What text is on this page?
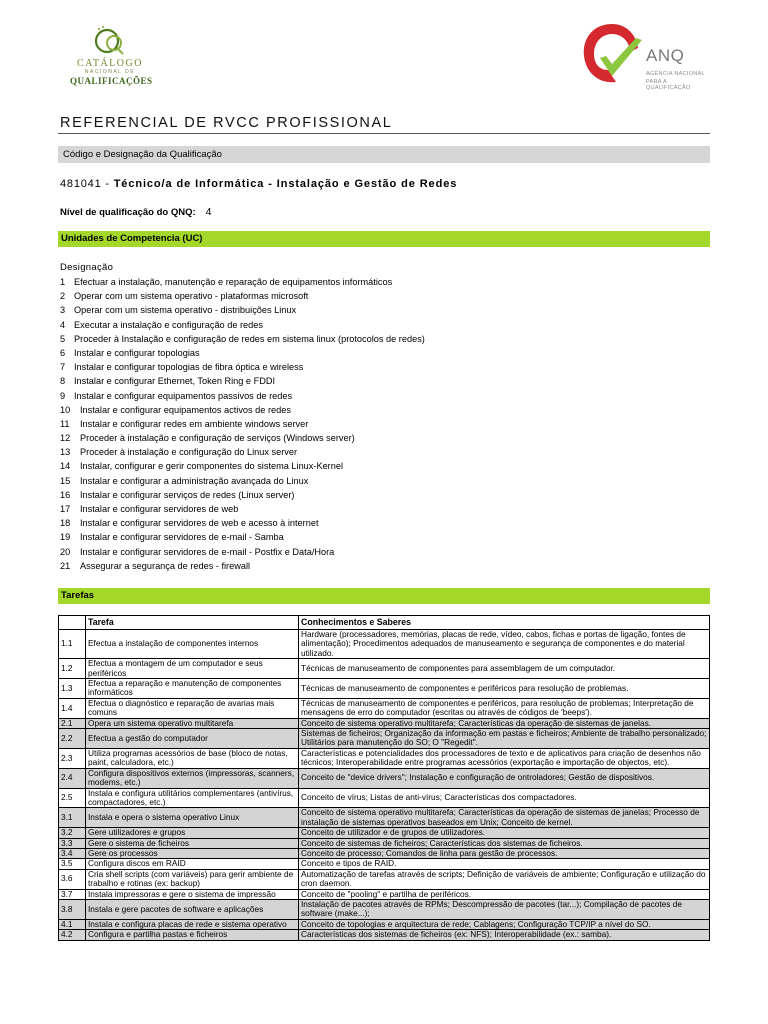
CATÁLOGO
NACIONAL DE
QUALIFICAÇÕES
ANQ
AGÊNCIA NACIONAL
PARA A QUALIFICAÇÃO
REFERENCIAL DE RVCC PROFISSIONAL
Código e Designação da Qualificação
481041 - Técnico/a de Informática - Instalação e Gestão de Redes
Nível de qualificação do QNQ: 4
Unidades de Competencia (UC)
Designação
1 Efectuar a instalação, manutenção e reparação de equipamentos informáticos
2 Operar com um sistema operativo - plataformas microsoft
3 Operar com um sistema operativo - distribuições Linux
4 Executar a instalação e configuração de redes
5 Proceder à Instalação e configuração de redes em sistema linux (protocolos de redes)
6 Instalar e configurar topologias
7 Instalar e configurar topologias de fibra óptica e wireless
8 Instalar e configurar Ethernet, Token Ring e FDDI
9 Instalar e configurar equipamentos passivos de redes
10 Instalar e configurar equipamentos activos de redes
11 Instalar e configurar redes em ambiente windows server
12 Proceder à instalação e configuração de serviços (Windows server)
13 Proceder à instalação e configuração do Linux server
14 Instalar, configurar e gerir componentes do sistema Linux-Kernel
15 Instalar e configurar a administração avançada do Linux
16 Instalar e configurar serviços de redes (Linux server)
17 Instalar e configurar servidores de web
18 Instalar e configurar servidores de web e acesso à internet
19 Instalar e configurar servidores de e-mail - Samba
20 Instalar e configurar servidores de e-mail - Postfix e Data/Hora
21 Assegurar a segurança de redes - firewall
Tarefas
	Tarefa	Conhecimentos e Saberes
1.1	Efectua a instalação de componentes internos	Hardware (processadores, memórias, placas de rede, vídeo, cabos, fichas e portas de ligação, fontes de alimentação); Procedimentos adequados de manuseamento e segurança de componentes e do material utilizado.
1.2	Efectua a montagem de um computador e seus periféricos	Técnicas de manuseamento de componentes para assemblagem de um computador.
1.3	Efectua a reparação e manutenção de componentes informáticos	Técnicas de manuseamento de componentes e periféricos para resolução de problemas.
1.4	Efectua o diagnóstico e reparação de avarias mais comuns	Técnicas de manuseamento de componentes e periféricos, para resolução de problemas; Interpretação de mensagens de erro do computador (escritas ou através de códigos de 'beeps').
2.1	Opera um sistema operativo multitarefa	Conceito de sistema operativo multitarefa; Características da operação de sistemas de janelas.
2.2	Efectua a gestão do computador	Sistemas de ficheiros; Organização da informação em pastas e ficheiros; Ambiente de trabalho personalizado; Utilitários para manutenção do SO; O "Regedit".
2.3	Utiliza programas acessórios de base (bloco de notas, paint, calculadora, etc.)	Características e potencialidades dos processadores de texto e de aplicativos para criação de desenhos não técnicos; Interoperabilidade entre programas acessórios (exportação e importação de objectos, etc).
2.4	Configura dispositivos externos (impressoras, scanners, modems, etc.)	Conceito de "device drivers"; Instalação e configuração de ontroladores; Gestão de dispositivos.
2.5	Instala e configura utilitários complementares (antivírus, compactadores, etc.)	Conceito de vírus; Listas de anti-vírus; Características dos compactadores.
3.1	Instala e opera o sistema operativo Linux	Conceito de sistema operativo multitarefa; Características da operação de sistemas de janelas; Processo de instalação de sistemas operativos baseados em Unix; Conceito de kernel.
3.2	Gere utilizadores e grupos	Conceito de utilizador e de grupos de utilizadores.
3.3	Gere o sistema de ficheiros	Conceito de sistemas de ficheiros; Características dos sistemas de ficheiros.
3.4	Gere os processos	Conceito de processo; Comandos de linha para gestão de processos.
3.5	Configura discos em RAID	Conceito e tipos de RAID.
3.6	Cria shell scripts (com variáveis) para gerir ambiente de trabalho e rotinas (ex: backup)	Automatização de tarefas através de scripts; Definição de variáveis de ambiente; Configuração e utilização do cron daemon.
3.7	Instala impressoras e gere o sistema de impressão	Conceito de "pooling" e partilha de periféricos.
3.8	Instala e gere pacotes de software e aplicações	Instalação de pacotes através de RPMs; Descompressão de pacotes (tar...); Compilação de pacotes de software (make...);
4.1	Instala e configura placas de rede e sistema operativo	Conceito de topologias e arquitectura de rede; Cablagens; Configuração TCP/IP a nível do SO.
4.2	Configura e partilha pastas e ficheiros	Características dos sistemas de ficheiros (ex: NFS); Interoperabilidade (ex.: samba).
